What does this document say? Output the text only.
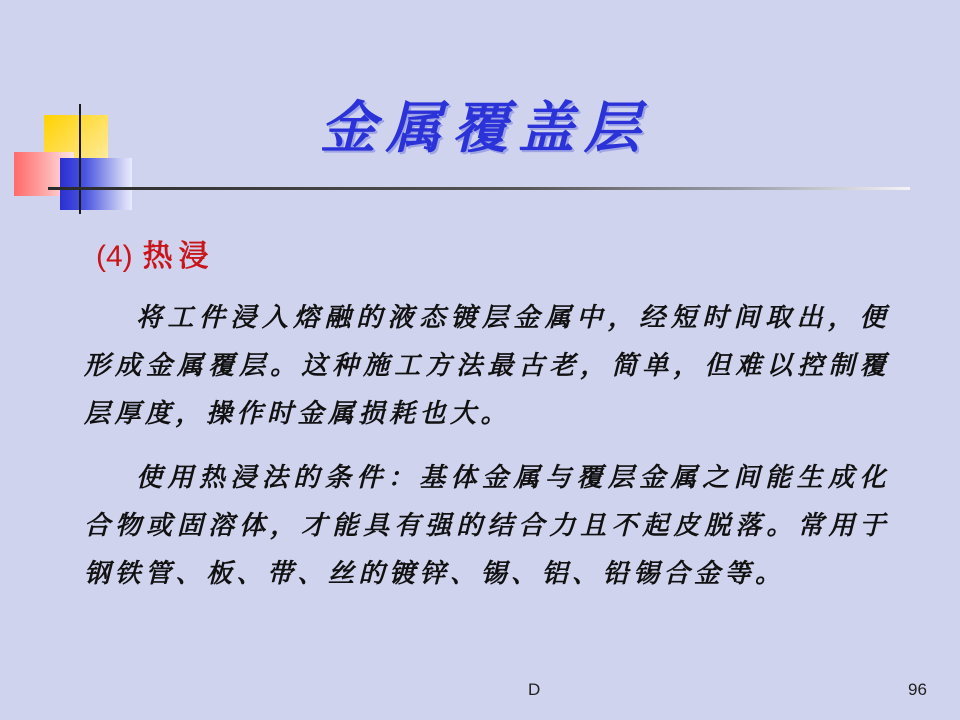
金属覆盖层
(4) 热浸

将工件浸入熔融的液态镀层金属中，经短时间取出，便形成金属覆层。这种施工方法最古老，简单，但难以控制覆层厚度，操作时金属损耗也大。

使用热浸法的条件：基体金属与覆层金属之间能生成化合物或固溶体，才能具有强的结合力且不起皮脱落。常用于钢铁管、板、带、丝的镀锌、锡、铝、铅锡合金等。

D	96
